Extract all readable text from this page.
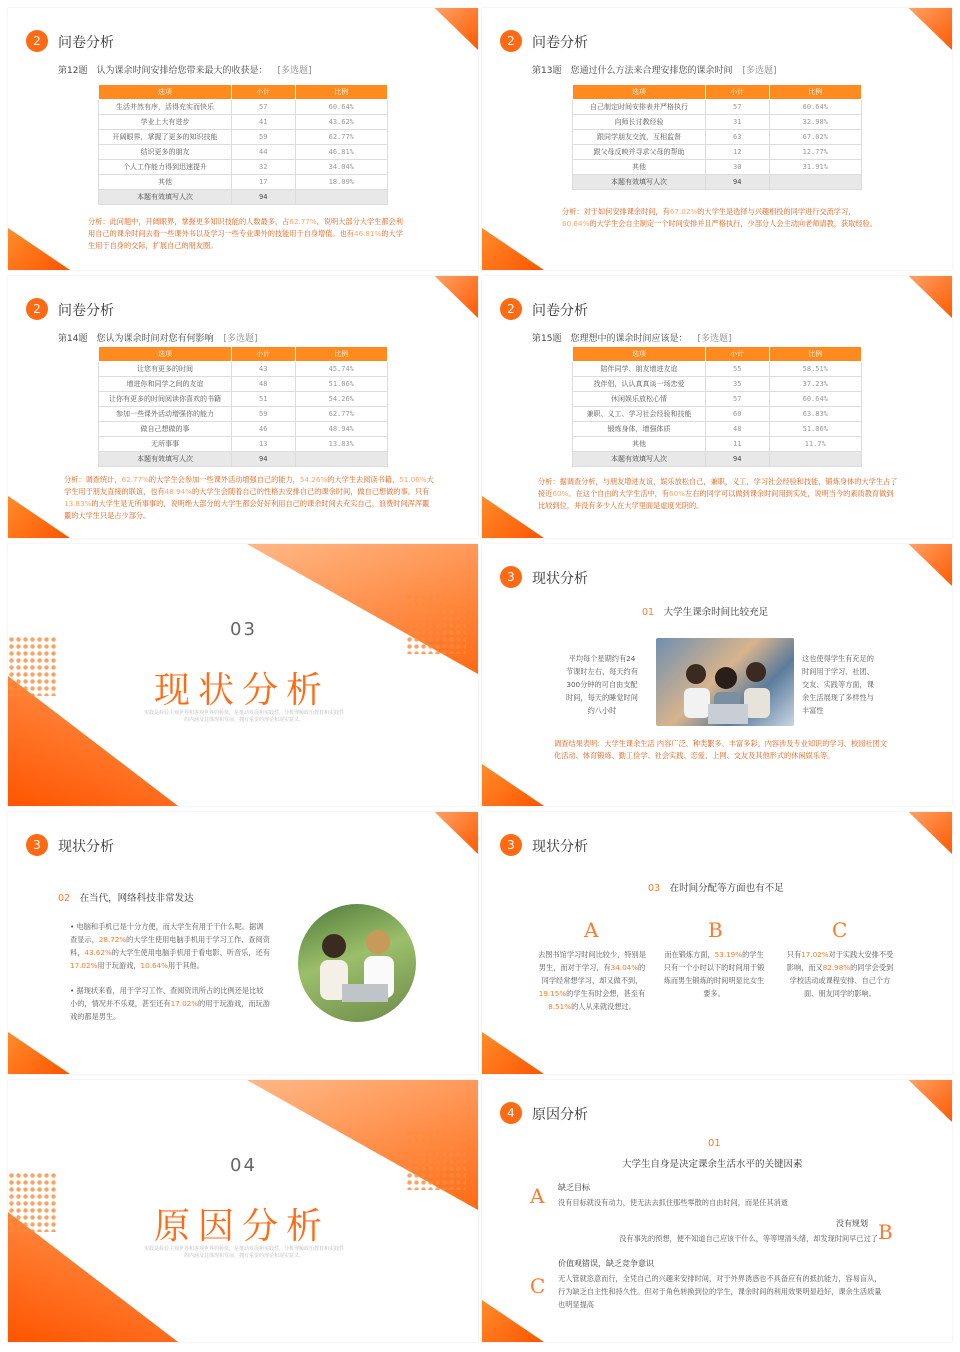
2	问卷分析
第12题　认为课余时间安排给您带来最大的收获是： [多选题]
选项	小计	比例
生活井然有序，活得充实而快乐	57	60.64%
学业上大有进步	41	43.62%
开阔眼界，掌握了更多的知识技能	59	62.77%
结识更多的朋友	44	46.81%
个人工作能力得到迅速提升	32	34.04%
其他	17	18.09%
本题有效填写人次	94	
分析：此问题中，开阔眼界，掌握更多知识技能的人数最多，占62.77%，说明大部分大学生都会利用自己的课余时间去看一些课外书以及学习一些专业课外的技能用于自身增值。也有46.81%的大学生用于自身的交际，扩展自己的朋友圈。
2	问卷分析
第13题　您通过什么方法来合理安排您的课余时间 [多选题]
选项	小计	比例
自己制定时间安排表并严格执行	57	60.64%
向师长讨教经验	31	32.98%
跟同学朋友交流，互相监督	63	67.02%
跟父母反映并寻求父母的帮助	12	12.77%
其他	30	31.91%
本题有效填写人次	94	
分析：对于如何安排课余时间，有67.02%的大学生是选择与兴趣相投的同学进行交流学习，60.64%的大学生会自主制定一个时间安排并且严格执行，少部分人会主动向老师请教，获取经验。
2	问卷分析
第14题　您认为课余时间对您有何影响 [多选题]
选项	小计	比例
让您有更多的时间	43	45.74%
增进你和同学之间的友谊	48	51.06%
让你有更多的时间阅读你喜欢的书籍	51	54.26%
参加一些课外活动增强你的能力	59	62.77%
做自己想做的事	46	48.94%
无所事事	13	13.83%
本题有效填写人次	94	
分析：调查统计，62.77%的大学生会参加一些课外活动增强自己的能力，54.26%的大学生去阅读书籍，51.06%大学生用于朋友直接的联谊，也有48.94%的大学生会随着自己的性格去安排自己的课余时间，做自己想做的事。只有13.83%的大学生是无所事事的，说明绝大部分的大学生都会好好利用自己的课余时间去充实自己，浪费时间浑浑噩噩的大学生只是占少部分。
2	问卷分析
第15题　您理想中的课余时间应该是： [多选题]
选项	小计	比例
陪伴同学、朋友增进友谊	55	58.51%
找伴侣，认认真真谈一场恋爱	35	37.23%
休闲娱乐放松心情	57	60.64%
兼职、义工、学习社会经验和技能	60	63.83%
锻炼身体，增强体质	48	51.06%
其他	11	11.7%
本题有效填写人次	94	
分析：据调查分析，与朋友增进友谊，娱乐放松自己，兼职，义工，学习社会经验和技能，锻炼身体的大学生占了接近60%。在这个自由的大学生活中，有60%左右的同学可以做到课余时间用到实处，说明当今的素质教育做到比较到位，并没有多少人在大学里面是虚度光阴的。
03
现状分析
实践是检验主观世界和客观世界的桥梁，是推动发展和实践性，分析理解政治教育和实践性的内涵及其体现和发展，拥有重要的理论和现实意义。
3	现状分析
01　 大学生课余时间比较充足
平均每个星期约有24节课时左右，每天约有300分钟的可自由支配时间，每天的睡觉时间约八小时
这也使得学生有充足的时间用于学习、社团、交友、实践等方面，课余生活展现了多样性与丰富性
调查结果表明：大学生课余生活 内容广泛、种类繁多、丰富多彩。内容涉及专业知识的学习、校园社团文化活动、体育锻炼、勤工俭学、社会实践、恋爱、上网、交友及其他形式的休闲娱乐等。
3	现状分析
02　 在当代，网络科技非常发达
• 电脑和手机已是十分方便，而大学生有用于干什么呢。据调查显示，28.72%的大学生使用电脑手机用于学习工作、查阅资料，43.62%的大学生使用电脑手机用于看电影、听音乐，还有17.02%用于玩游戏，10.64%用于其他。
• 据现状来看，用于学习工作、查阅资讯所占的比例还是比较小的，情况并不乐观，甚至还有17.02%的用于玩游戏，而玩游戏的都是男生。
3	现状分析
03　 在时间分配等方面也有不足
A	B	C
去图书馆学习时间比较少，特别是男生，而对于学习，有34.04%的同学经常想学习，却又做不到，19.15%的学生有时会想，甚至有8.51%的人从来就没想过。
而在锻炼方面，53.19%的学生只有一个小时以下的时间用于锻炼而男生锻炼的时间明显比女生要多。
只有17.02%对于实践大安排不受影响，而又82.98%的同学会受到学校活动或课程安排、自己个方面、朋友同学的影响。
04
原因分析
实践是检验主观世界和客观世界的桥梁，是推动发展和实践性，分析理解政治教育和实践性的内涵及其体现和发展，拥有重要的理论和现实意义。
4	原因分析
01
大学生自身是决定课余生活水平的关键因素
A 缺乏目标
没有目标就没有动力，使无法去抓住那些零散的自由时间，而是任其消逝
没有规划 B
没有事先的预想，便不知道自己应该干什么，等等埋清头绪，却发现时间早已过了
价值观错误，缺乏竞争意识
C 无人管就恣意而行，全凭自己的兴趣来安排时间，对于外界诱惑也不具备应有的抵抗能力，容易盲从，行为缺乏自主性和持久性。但对于角色转换到位的学生，课余时间的利用效果明显趋好，课余生活质量也明显提高
